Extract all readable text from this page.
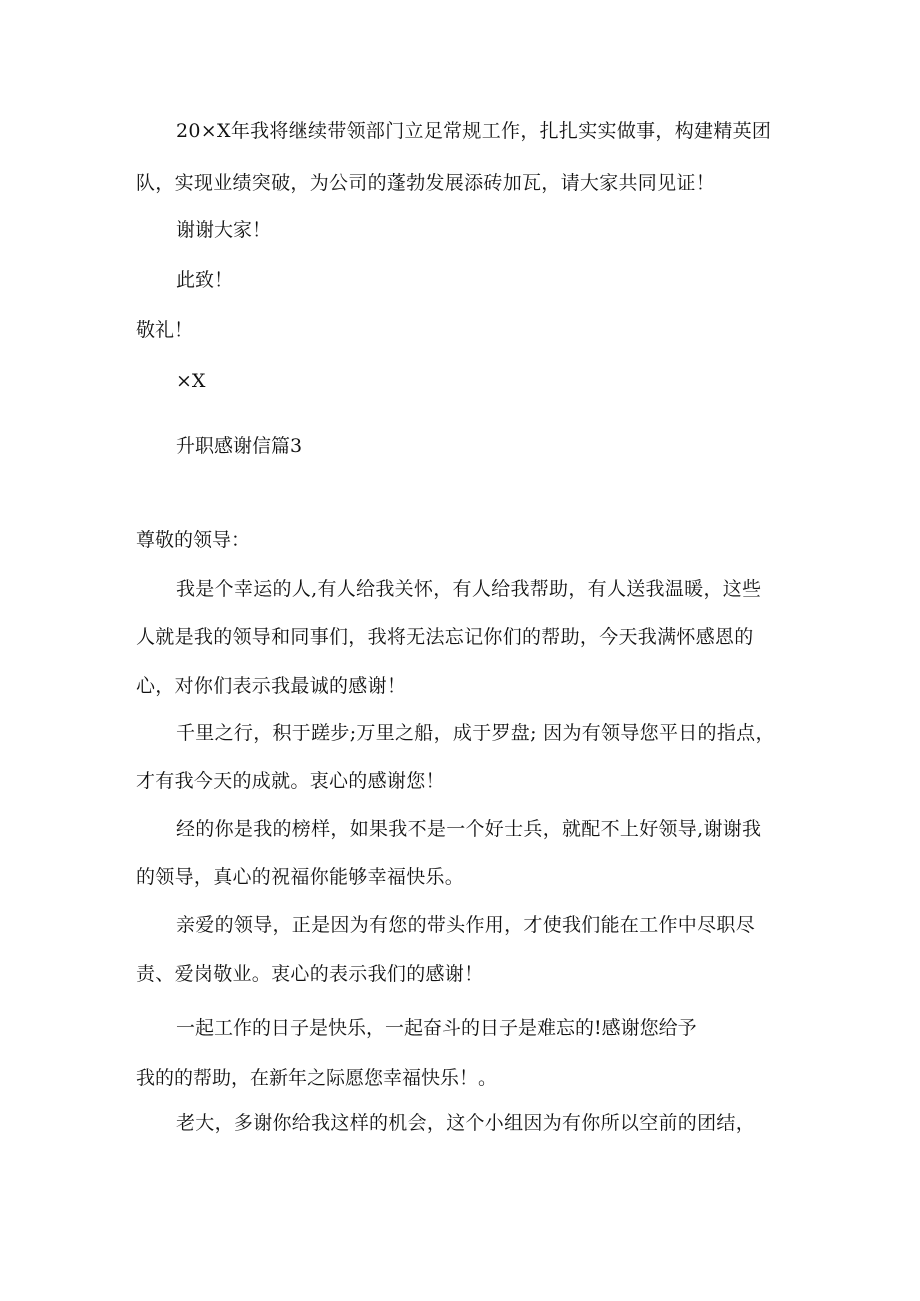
20×X年我将继续带领部门立足常规工作，扎扎实实做事，构建精英团

队，实现业绩突破，为公司的蓬勃发展添砖加瓦，请大家共同见证！

谢谢大家！

此致！

敬礼！

×X

升职感谢信篇3

尊敬的领导：

我是个幸运的人,有人给我关怀，有人给我帮助，有人送我温暖，这些

人就是我的领导和同事们，我将无法忘记你们的帮助，今天我满怀感恩的

心，对你们表示我最诚的感谢！

千里之行，积于蹉步;万里之船，成于罗盘; 因为有领导您平日的指点，

才有我今天的成就。衷心的感谢您！

经的你是我的榜样，如果我不是一个好士兵，就配不上好领导,谢谢我

的领导，真心的祝福你能够幸福快乐。

亲爱的领导，正是因为有您的带头作用，才使我们能在工作中尽职尽

责、爱岗敬业。衷心的表示我们的感谢！

一起工作的日子是快乐，一起奋斗的日子是难忘的!感谢您给予

我的的帮助，在新年之际愿您幸福快乐！。

老大，多谢你给我这样的机会，这个小组因为有你所以空前的团结，
